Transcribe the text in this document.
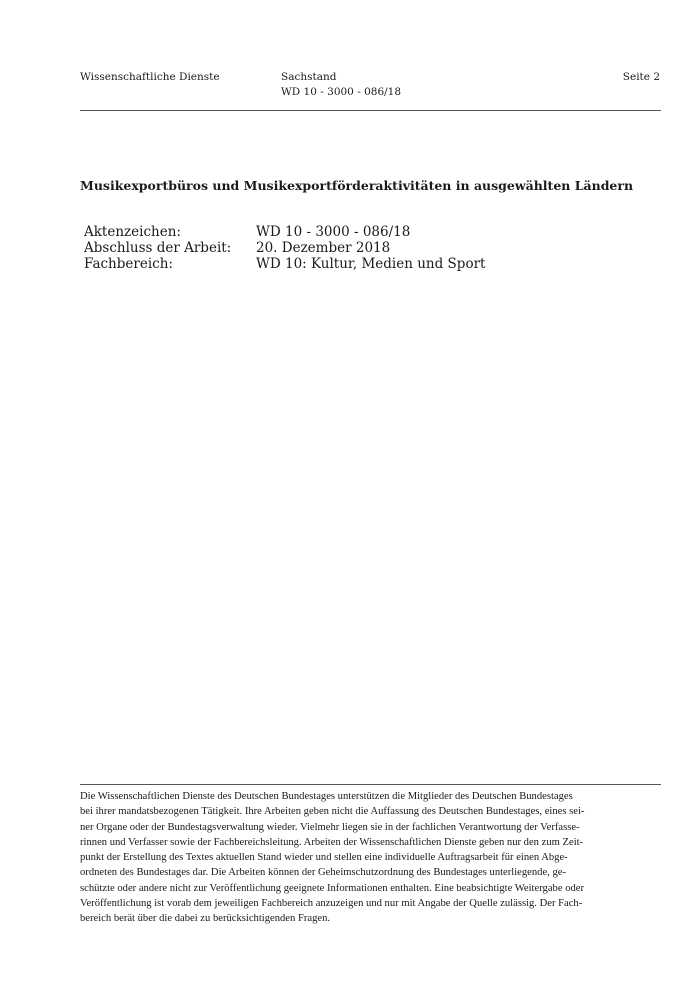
Wissenschaftliche Dienste	Sachstand
WD 10 - 3000 - 086/18
Seite 2
Musikexportbüros und Musikexportförderaktivitäten in ausgewählten Ländern
Aktenzeichen:	WD 10 - 3000 - 086/18
Abschluss der Arbeit: 20. Dezember 2018
Fachbereich:	WD 10: Kultur, Medien und Sport

Die Wissenschaftlichen Dienste des Deutschen Bundestages unterstützen die Mitglieder des Deutschen Bundestages
bei ihrer mandatsbezogenen Tätigkeit. Ihre Arbeiten geben nicht die Auffassung des Deutschen Bundestages, eines sei-
ner Organe oder der Bundestagsverwaltung wieder. Vielmehr liegen sie in der fachlichen Verantwortung der Verfasse-
rinnen und Verfasser sowie der Fachbereichsleitung. Arbeiten der Wissenschaftlichen Dienste geben nur den zum Zeit-
punkt der Erstellung des Textes aktuellen Stand wieder und stellen eine individuelle Auftragsarbeit für einen Abge-
ordneten des Bundestages dar. Die Arbeiten können der Geheimschutzordnung des Bundestages unterliegende, ge-
schützte oder andere nicht zur Veröffentlichung geeignete Informationen enthalten. Eine beabsichtigte Weitergabe oder
Veröffentlichung ist vorab dem jeweiligen Fachbereich anzuzeigen und nur mit Angabe der Quelle zulässig. Der Fach-
bereich berät über die dabei zu berücksichtigenden Fragen.
